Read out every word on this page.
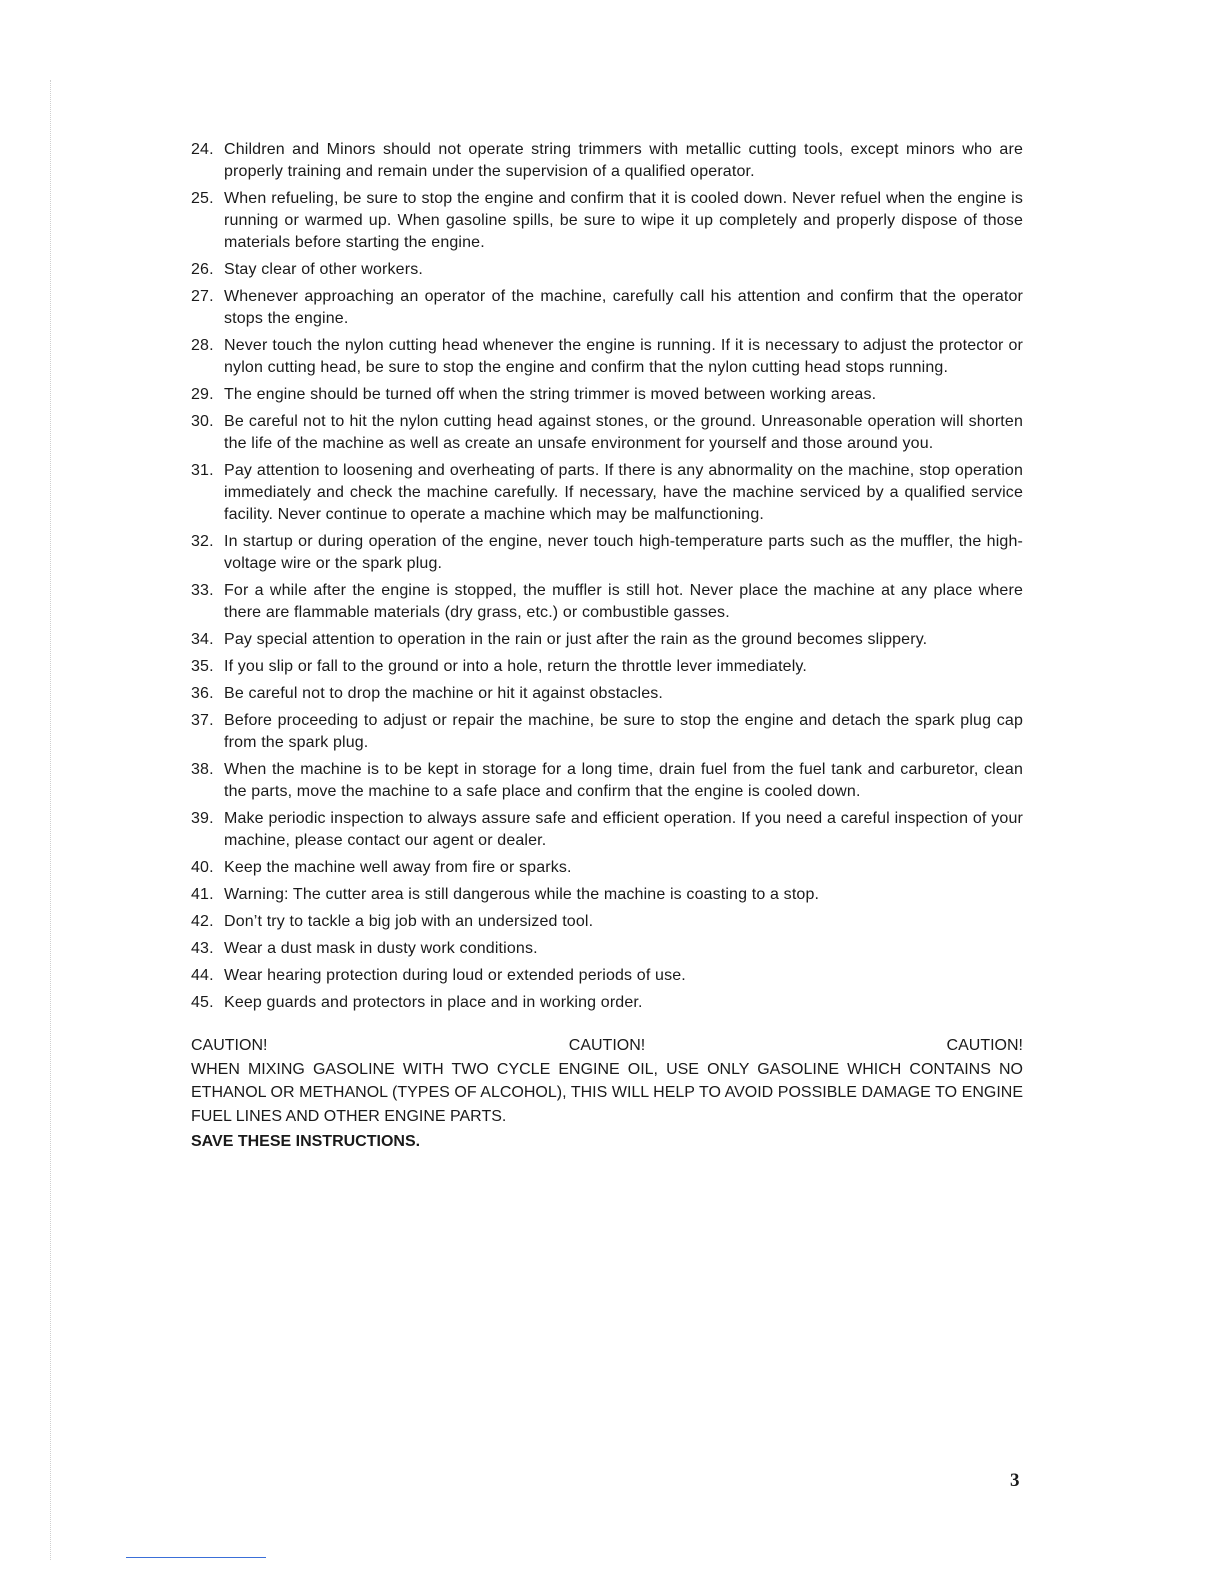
24. Children and Minors should not operate string trimmers with metallic cutting tools, except minors who are properly training and remain under the supervision of a qualified operator.
25. When refueling, be sure to stop the engine and confirm that it is cooled down. Never refuel when the engine is running or warmed up. When gasoline spills, be sure to wipe it up completely and properly dispose of those materials before starting the engine.
26. Stay clear of other workers.
27. Whenever approaching an operator of the machine, carefully call his attention and confirm that the operator stops the engine.
28. Never touch the nylon cutting head whenever the engine is running. If it is necessary to adjust the protector or nylon cutting head, be sure to stop the engine and confirm that the nylon cutting head stops running.
29. The engine should be turned off when the string trimmer is moved between working areas.
30. Be careful not to hit the nylon cutting head against stones, or the ground. Unreasonable operation will shorten the life of the machine as well as create an unsafe environment for yourself and those around you.
31. Pay attention to loosening and overheating of parts. If there is any abnormality on the machine, stop operation immediately and check the machine carefully. If necessary, have the machine serviced by a qualified service facility. Never continue to operate a machine which may be malfunctioning.
32. In startup or during operation of the engine, never touch high-temperature parts such as the muffler, the high-voltage wire or the spark plug.
33. For a while after the engine is stopped, the muffler is still hot. Never place the machine at any place where there are flammable materials (dry grass, etc.) or combustible gasses.
34. Pay special attention to operation in the rain or just after the rain as the ground becomes slippery.
35. If you slip or fall to the ground or into a hole, return the throttle lever immediately.
36. Be careful not to drop the machine or hit it against obstacles.
37. Before proceeding to adjust or repair the machine, be sure to stop the engine and detach the spark plug cap from the spark plug.
38. When the machine is to be kept in storage for a long time, drain fuel from the fuel tank and carburetor, clean the parts, move the machine to a safe place and confirm that the engine is cooled down.
39. Make periodic inspection to always assure safe and efficient operation. If you need a careful inspection of your machine, please contact our agent or dealer.
40. Keep the machine well away from fire or sparks.
41. Warning: The cutter area is still dangerous while the machine is coasting to a stop.
42. Don’t try to tackle a big job with an undersized tool.
43. Wear a dust mask in dusty work conditions.
44. Wear hearing protection during loud or extended periods of use.
45. Keep guards and protectors in place and in working order.
CAUTION!	CAUTION!	CAUTION!
WHEN MIXING GASOLINE WITH TWO CYCLE ENGINE OIL, USE ONLY GASOLINE WHICH CONTAINS NO ETHANOL OR METHANOL (TYPES OF ALCOHOL), THIS WILL HELP TO AVOID POSSIBLE DAMAGE TO ENGINE FUEL LINES AND OTHER ENGINE PARTS.
SAVE THESE INSTRUCTIONS.
3
